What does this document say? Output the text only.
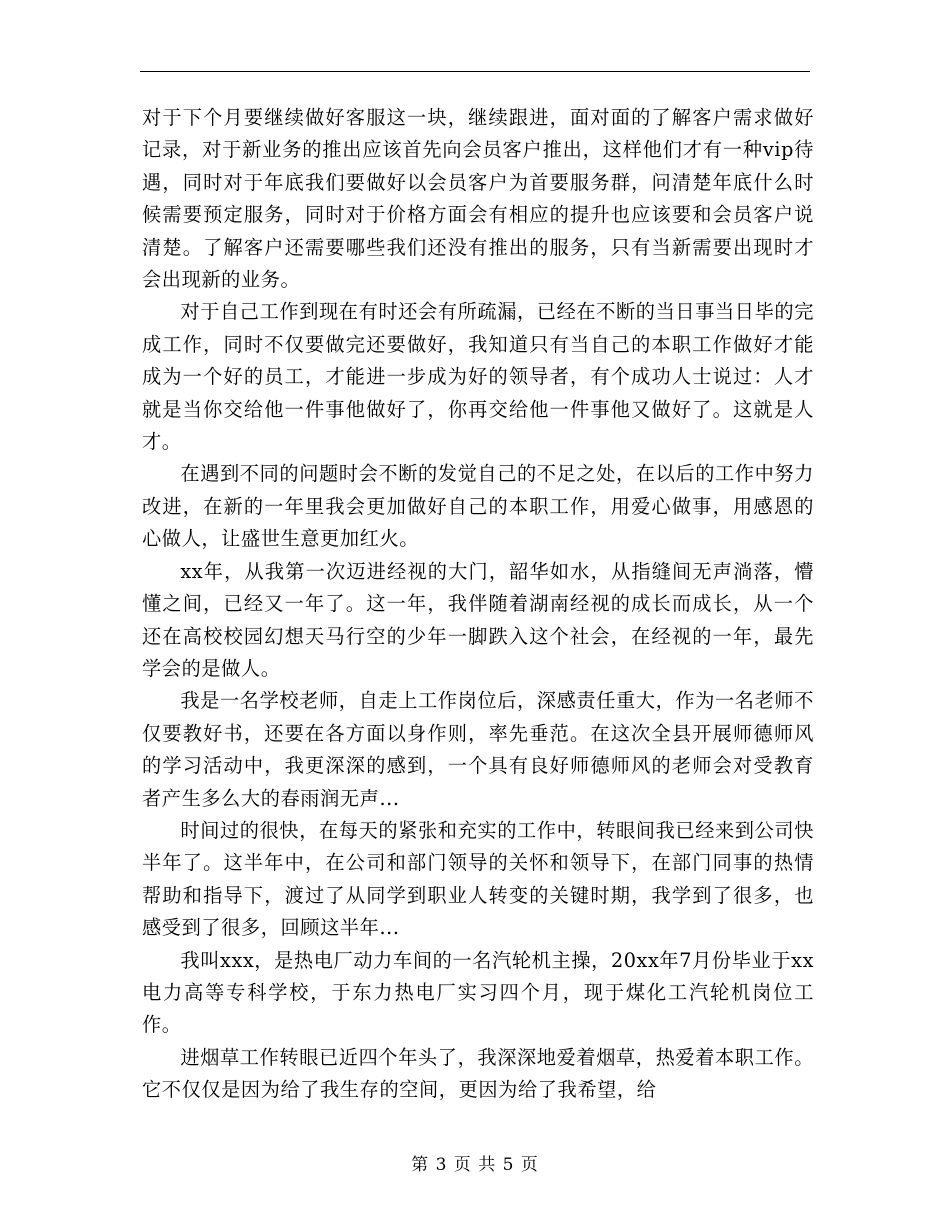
对于下个月要继续做好客服这一块，继续跟进，面对面的了解客户需求做好记录，对于新业务的推出应该首先向会员客户推出，这样他们才有一种vip待遇，同时对于年底我们要做好以会员客户为首要服务群，问清楚年底什么时候需要预定服务，同时对于价格方面会有相应的提升也应该要和会员客户说清楚。了解客户还需要哪些我们还没有推出的服务，只有当新需要出现时才会出现新的业务。

对于自己工作到现在有时还会有所疏漏，已经在不断的当日事当日毕的完成工作，同时不仅要做完还要做好，我知道只有当自己的本职工作做好才能成为一个好的员工，才能进一步成为好的领导者，有个成功人士说过：人才就是当你交给他一件事他做好了，你再交给他一件事他又做好了。这就是人才。

在遇到不同的问题时会不断的发觉自己的不足之处，在以后的工作中努力改进，在新的一年里我会更加做好自己的本职工作，用爱心做事，用感恩的心做人，让盛世生意更加红火。

xx年，从我第一次迈进经视的大门，韶华如水，从指缝间无声淌落，懵懂之间，已经又一年了。这一年，我伴随着湖南经视的成长而成长，从一个还在高校校园幻想天马行空的少年一脚跌入这个社会，在经视的一年，最先学会的是做人。

我是一名学校老师，自走上工作岗位后，深感责任重大，作为一名老师不仅要教好书，还要在各方面以身作则，率先垂范。在这次全县开展师德师风的学习活动中，我更深深的感到，一个具有良好师德师风的老师会对受教育者产生多么大的春雨润无声...

时间过的很快，在每天的紧张和充实的工作中，转眼间我已经来到公司快半年了。这半年中，在公司和部门领导的关怀和领导下，在部门同事的热情帮助和指导下，渡过了从同学到职业人转变的关键时期，我学到了很多，也感受到了很多，回顾这半年...

我叫xxx，是热电厂动力车间的一名汽轮机主操，20xx年7月份毕业于xx电力高等专科学校，于东力热电厂实习四个月，现于煤化工汽轮机岗位工作。

进烟草工作转眼已近四个年头了，我深深地爱着烟草，热爱着本职工作。它不仅仅是因为给了我生存的空间，更因为给了我希望，给

第 3 页 共 5 页
